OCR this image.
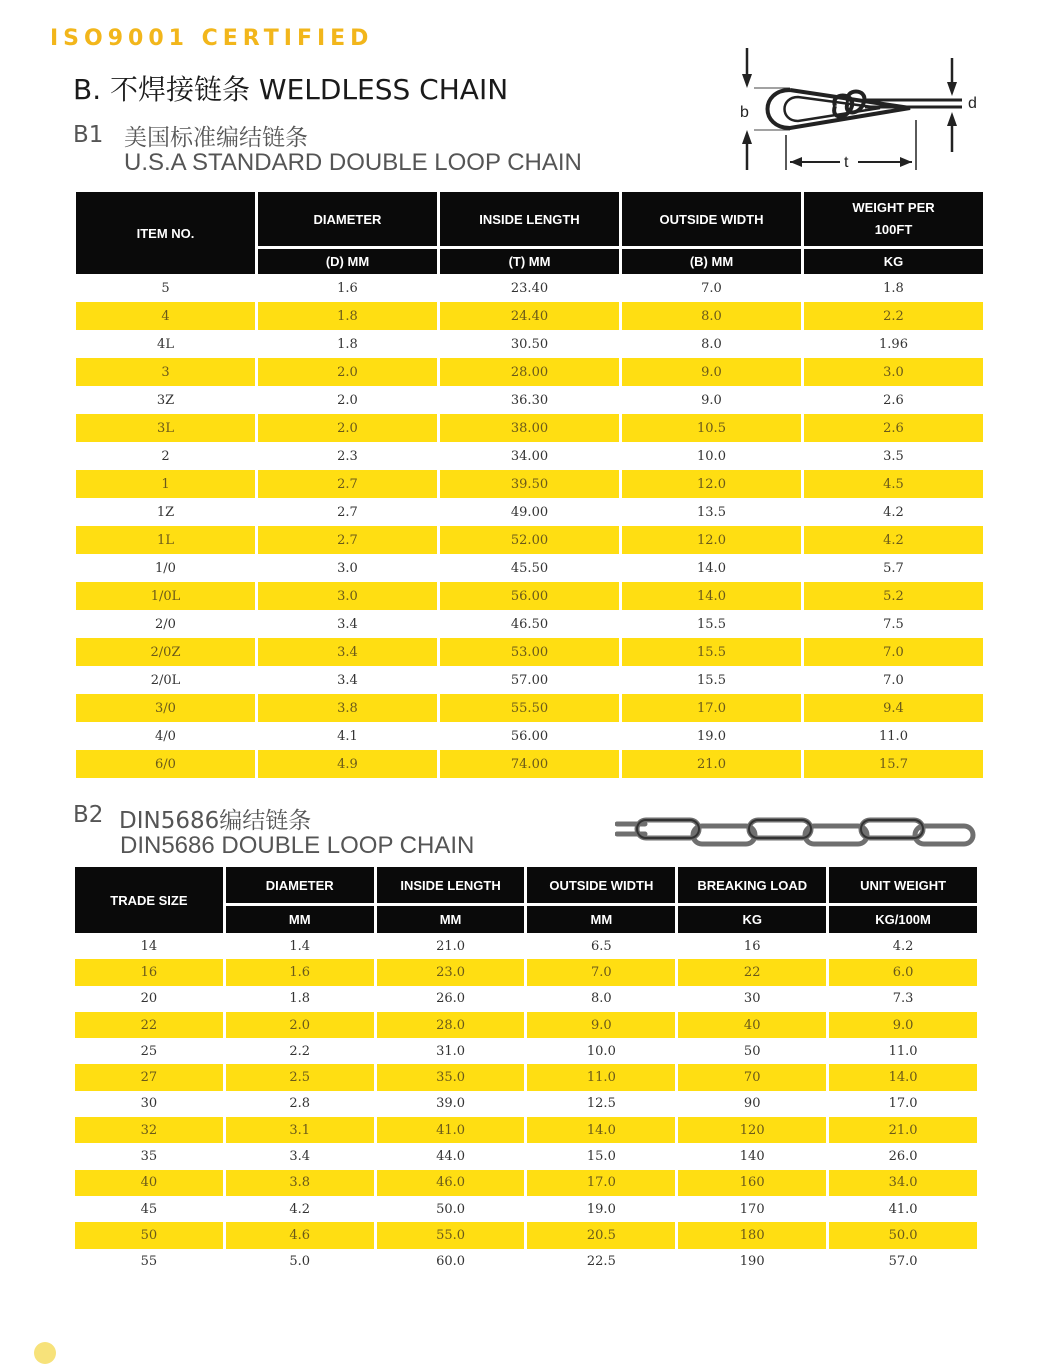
ISO9001 CERTIFIED
B. 不焊接链条 WELDLESS CHAIN
B1 美国标准编结链条
U.S.A STANDARD DOUBLE LOOP CHAIN
b
d
t
ITEM NO.	DIAMETER	INSIDE LENGTH	OUTSIDE WIDTH	WEIGHT PER
100FT
	(D) MM	(T) MM	(B) MM	KG
5	1.6	23.40	7.0	1.8
4	1.8	24.40	8.0	2.2
4L	1.8	30.50	8.0	1.96
3	2.0	28.00	9.0	3.0
3Z	2.0	36.30	9.0	2.6
3L	2.0	38.00	10.5	2.6
2	2.3	34.00	10.0	3.5
1	2.7	39.50	12.0	4.5
1Z	2.7	49.00	13.5	4.2
1L	2.7	52.00	12.0	4.2
1/0	3.0	45.50	14.0	5.7
1/0L	3.0	56.00	14.0	5.2
2/0	3.4	46.50	15.5	7.5
2/0Z	3.4	53.00	15.5	7.0
2/0L	3.4	57.00	15.5	7.0
3/0	3.8	55.50	17.0	9.4
4/0	4.1	56.00	19.0	11.0
6/0	4.9	74.00	21.0	15.7
B2 DIN5686编结链条
DIN5686 DOUBLE LOOP CHAIN
TRADE SIZE	DIAMETER	INSIDE LENGTH	OUTSIDE WIDTH	BREAKING LOAD	UNIT WEIGHT
	MM	MM	MM	KG	KG/100M
14	1.4	21.0	6.5	16	4.2
16	1.6	23.0	7.0	22	6.0
20	1.8	26.0	8.0	30	7.3
22	2.0	28.0	9.0	40	9.0
25	2.2	31.0	10.0	50	11.0
27	2.5	35.0	11.0	70	14.0
30	2.8	39.0	12.5	90	17.0
32	3.1	41.0	14.0	120	21.0
35	3.4	44.0	15.0	140	26.0
40	3.8	46.0	17.0	160	34.0
45	4.2	50.0	19.0	170	41.0
50	4.6	55.0	20.5	180	50.0
55	5.0	60.0	22.5	190	57.0
